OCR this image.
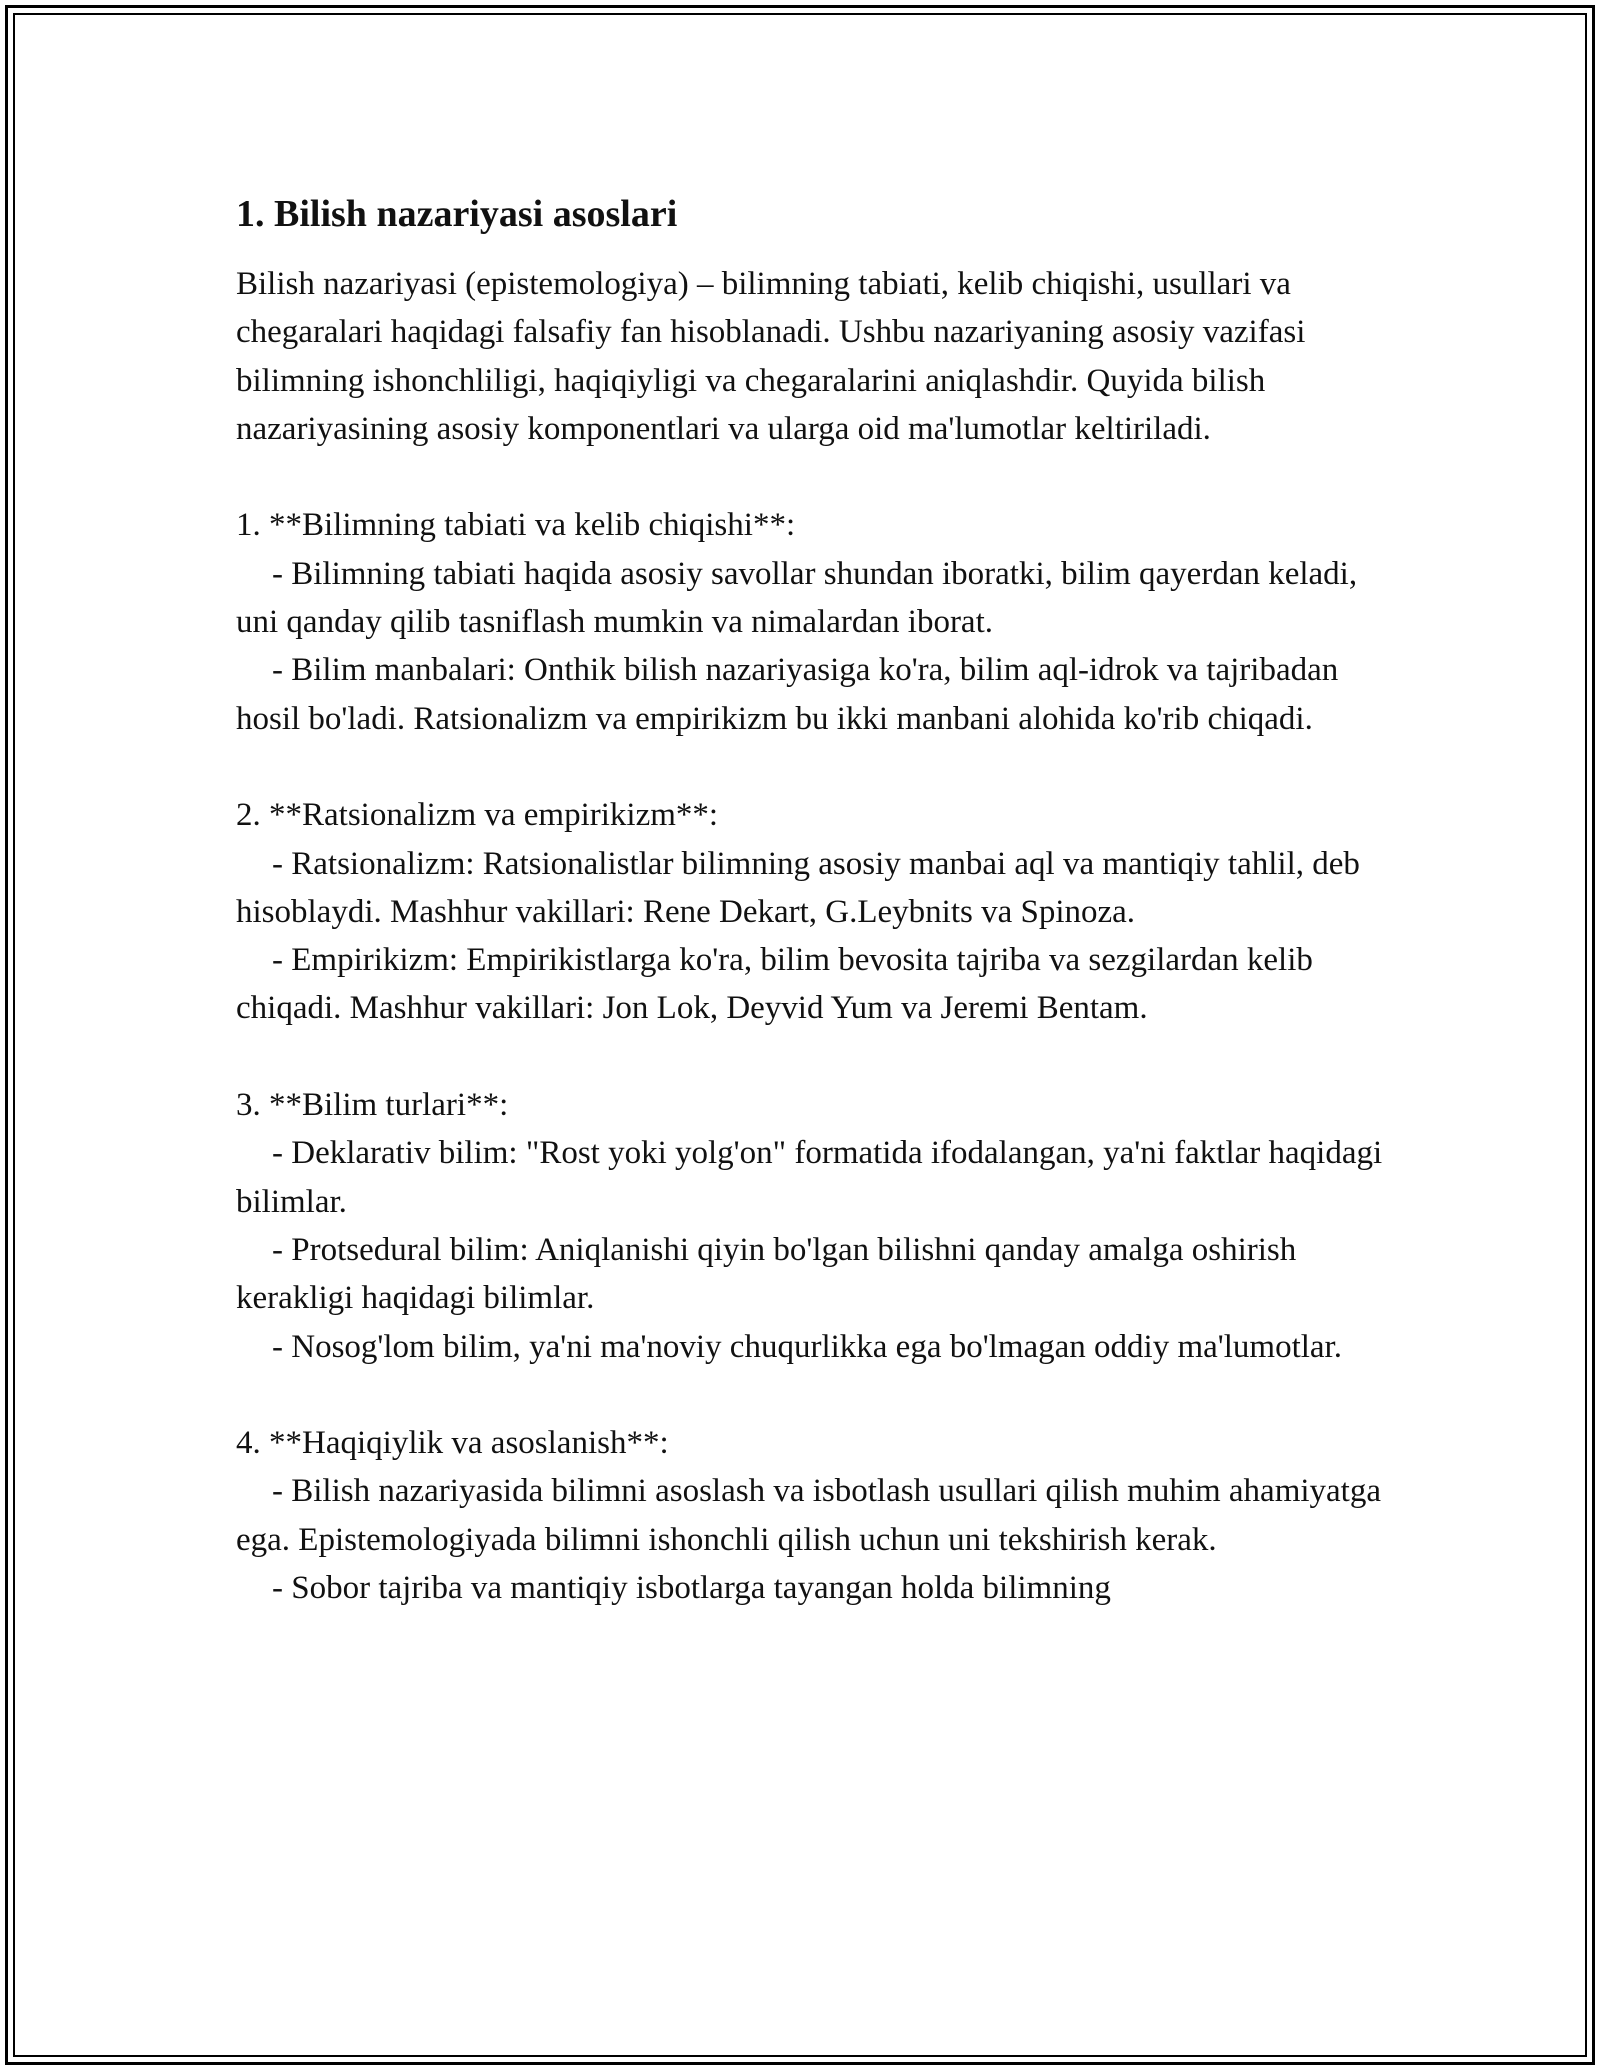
1. Bilish nazariyasi asoslari

Bilish nazariyasi (epistemologiya) – bilimning tabiati, kelib chiqishi, usullari va chegaralari haqidagi falsafiy fan hisoblanadi. Ushbu nazariyaning asosiy vazifasi bilimning ishonchliligi, haqiqiyligi va chegaralarini aniqlashdir. Quyida bilish nazariyasining asosiy komponentlari va ularga oid ma'lumotlar keltiriladi.

1. **Bilimning tabiati va kelib chiqishi**:

- Bilimning tabiati haqida asosiy savollar shundan iboratki, bilim qayerdan keladi, uni qanday qilib tasniflash mumkin va nimalardan iborat.

- Bilim manbalari: Onthik bilish nazariyasiga ko'ra, bilim aql-idrok va tajribadan hosil bo'ladi. Ratsionalizm va empirikizm bu ikki manbani alohida ko'rib chiqadi.

2. **Ratsionalizm va empirikizm**:

- Ratsionalizm: Ratsionalistlar bilimning asosiy manbai aql va mantiqiy tahlil, deb hisoblaydi. Mashhur vakillari: Rene Dekart, G.Leybnits va Spinoza.

- Empirikizm: Empirikistlarga ko'ra, bilim bevosita tajriba va sezgilardan kelib chiqadi. Mashhur vakillari: Jon Lok, Deyvid Yum va Jeremi Bentam.

3. **Bilim turlari**:

- Deklarativ bilim: "Rost yoki yolg'on" formatida ifodalangan, ya'ni faktlar haqidagi bilimlar.

- Protsedural bilim: Aniqlanishi qiyin bo'lgan bilishni qanday amalga oshirish kerakligi haqidagi bilimlar.

- Nosog'lom bilim, ya'ni ma'noviy chuqurlikka ega bo'lmagan oddiy ma'lumotlar.

4. **Haqiqiylik va asoslanish**:

- Bilish nazariyasida bilimni asoslash va isbotlash usullari qilish muhim ahamiyatga ega. Epistemologiyada bilimni ishonchli qilish uchun uni tekshirish kerak.

- Sobor tajriba va mantiqiy isbotlarga tayangan holda bilimning
